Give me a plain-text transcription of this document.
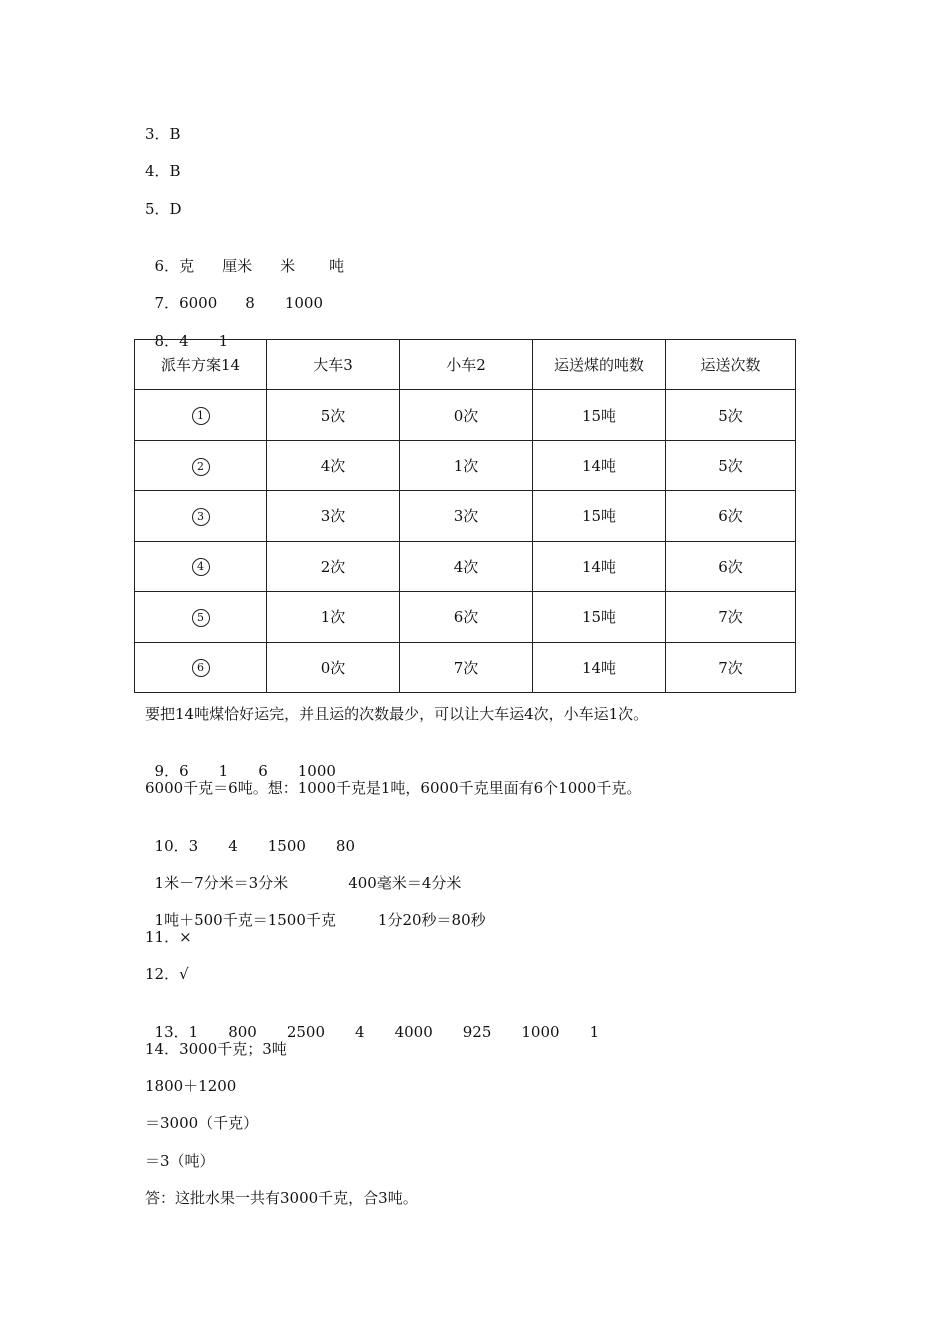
3．B
4．B
5．D

6．克 厘米 米 吨

7．6000 8 1000

8．4 1

派车方案14	大车3	小车2	运送煤的吨数	运送次数
1	5次	0次	15吨	5次
2	4次	1次	14吨	5次
3	3次	3次	15吨	6次
4	2次	4次	14吨	6次
5	1次	6次	15吨	7次
6	0次	7次	14吨	7次
要把14吨煤恰好运完，并且运的次数最少，可以让大车运4次，小车运1次。

9．6 1 6 1000

6000千克＝6吨。想：1000千克是1吨，6000千克里面有6个1000千克。

10．3 4 1500 80

1米－7分米＝3分米	400毫米＝4分米

1吨＋500千克＝1500千克	1分20秒＝80秒

11．×
12．√

13．1 800 2500 4 4000 925 1000 1

14．3000千克；3吨
1800＋1200
＝3000（千克）
＝3（吨）
答：这批水果一共有3000千克，合3吨。
